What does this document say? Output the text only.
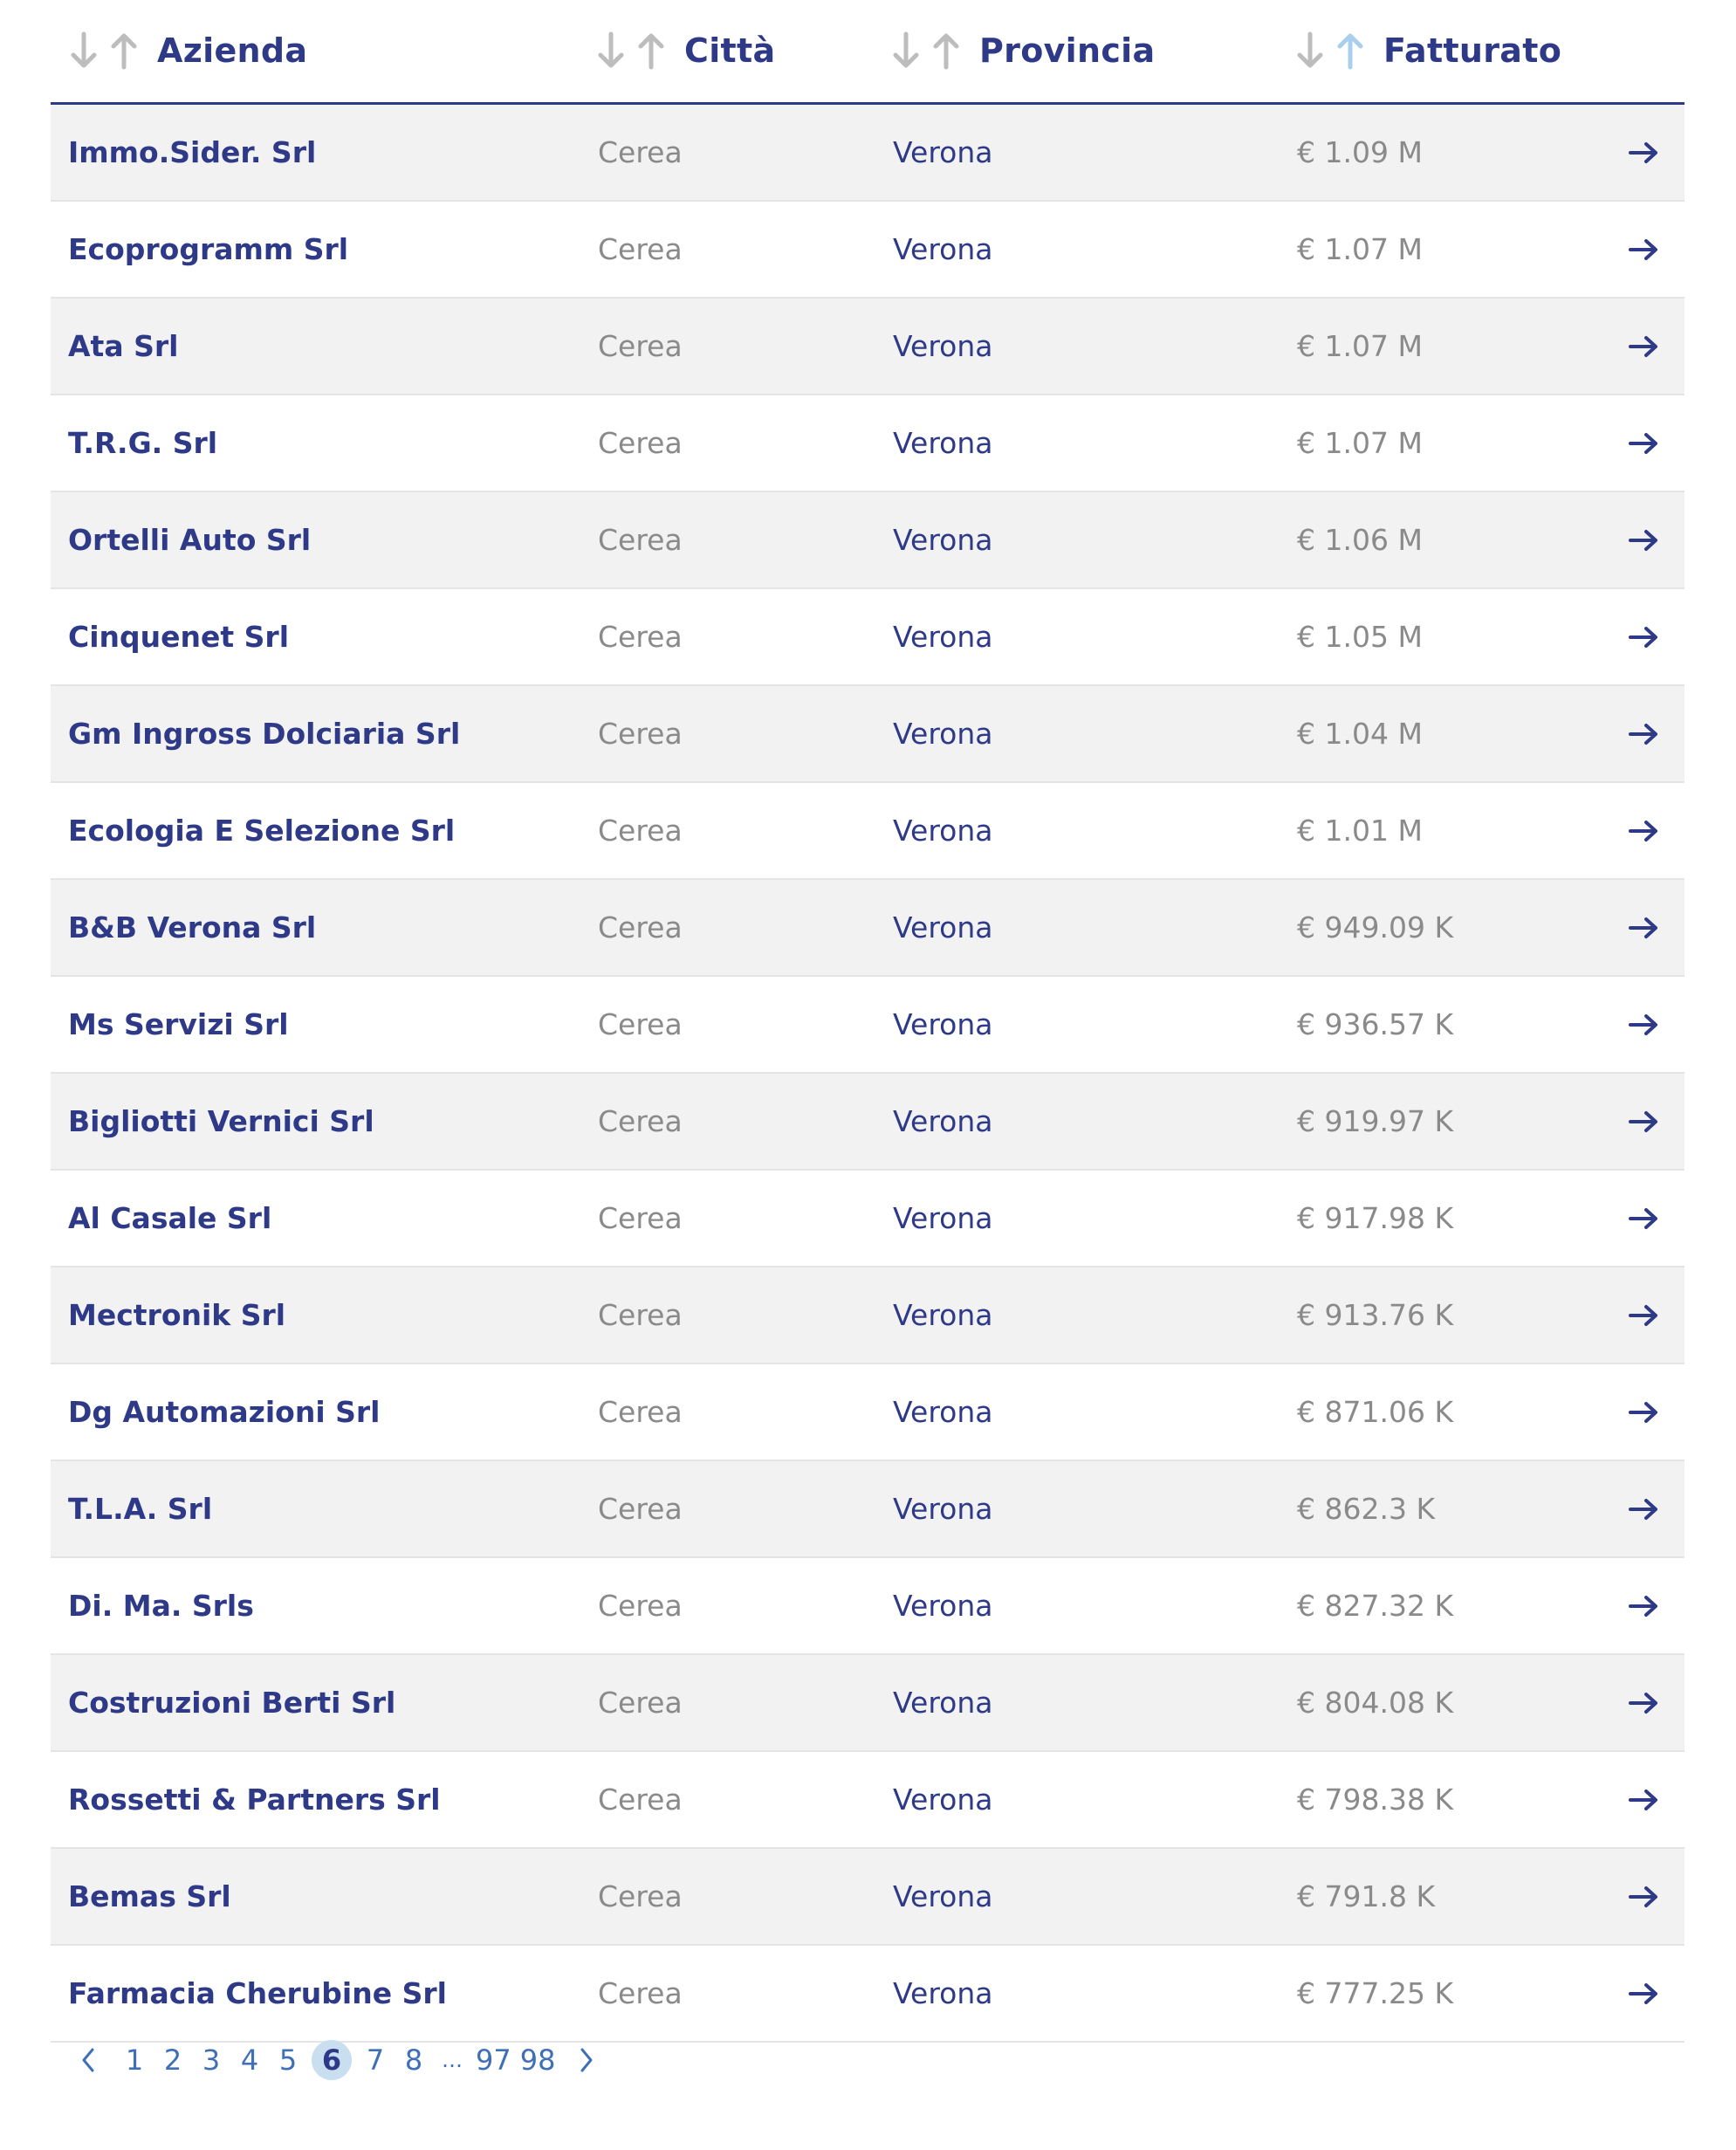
Azienda	Città	Provincia	Fatturato
Immo.Sider. Srl	Cerea	Verona	€ 1.09 M
Ecoprogramm Srl	Cerea	Verona	€ 1.07 M
Ata Srl	Cerea	Verona	€ 1.07 M
T.R.G. Srl	Cerea	Verona	€ 1.07 M
Ortelli Auto Srl	Cerea	Verona	€ 1.06 M
Cinquenet Srl	Cerea	Verona	€ 1.05 M
Gm Ingross Dolciaria Srl	Cerea	Verona	€ 1.04 M
Ecologia E Selezione Srl	Cerea	Verona	€ 1.01 M
B&B Verona Srl	Cerea	Verona	€ 949.09 K
Ms Servizi Srl	Cerea	Verona	€ 936.57 K
Bigliotti Vernici Srl	Cerea	Verona	€ 919.97 K
Al Casale Srl	Cerea	Verona	€ 917.98 K
Mectronik Srl	Cerea	Verona	€ 913.76 K
Dg Automazioni Srl	Cerea	Verona	€ 871.06 K
T.L.A. Srl	Cerea	Verona	€ 862.3 K
Di. Ma. Srls	Cerea	Verona	€ 827.32 K
Costruzioni Berti Srl	Cerea	Verona	€ 804.08 K
Rossetti & Partners Srl	Cerea	Verona	€ 798.38 K
Bemas Srl	Cerea	Verona	€ 791.8 K
Farmacia Cherubine Srl	Cerea	Verona	€ 777.25 K
1 2 3 4 5 6 7 8 … 97 98
